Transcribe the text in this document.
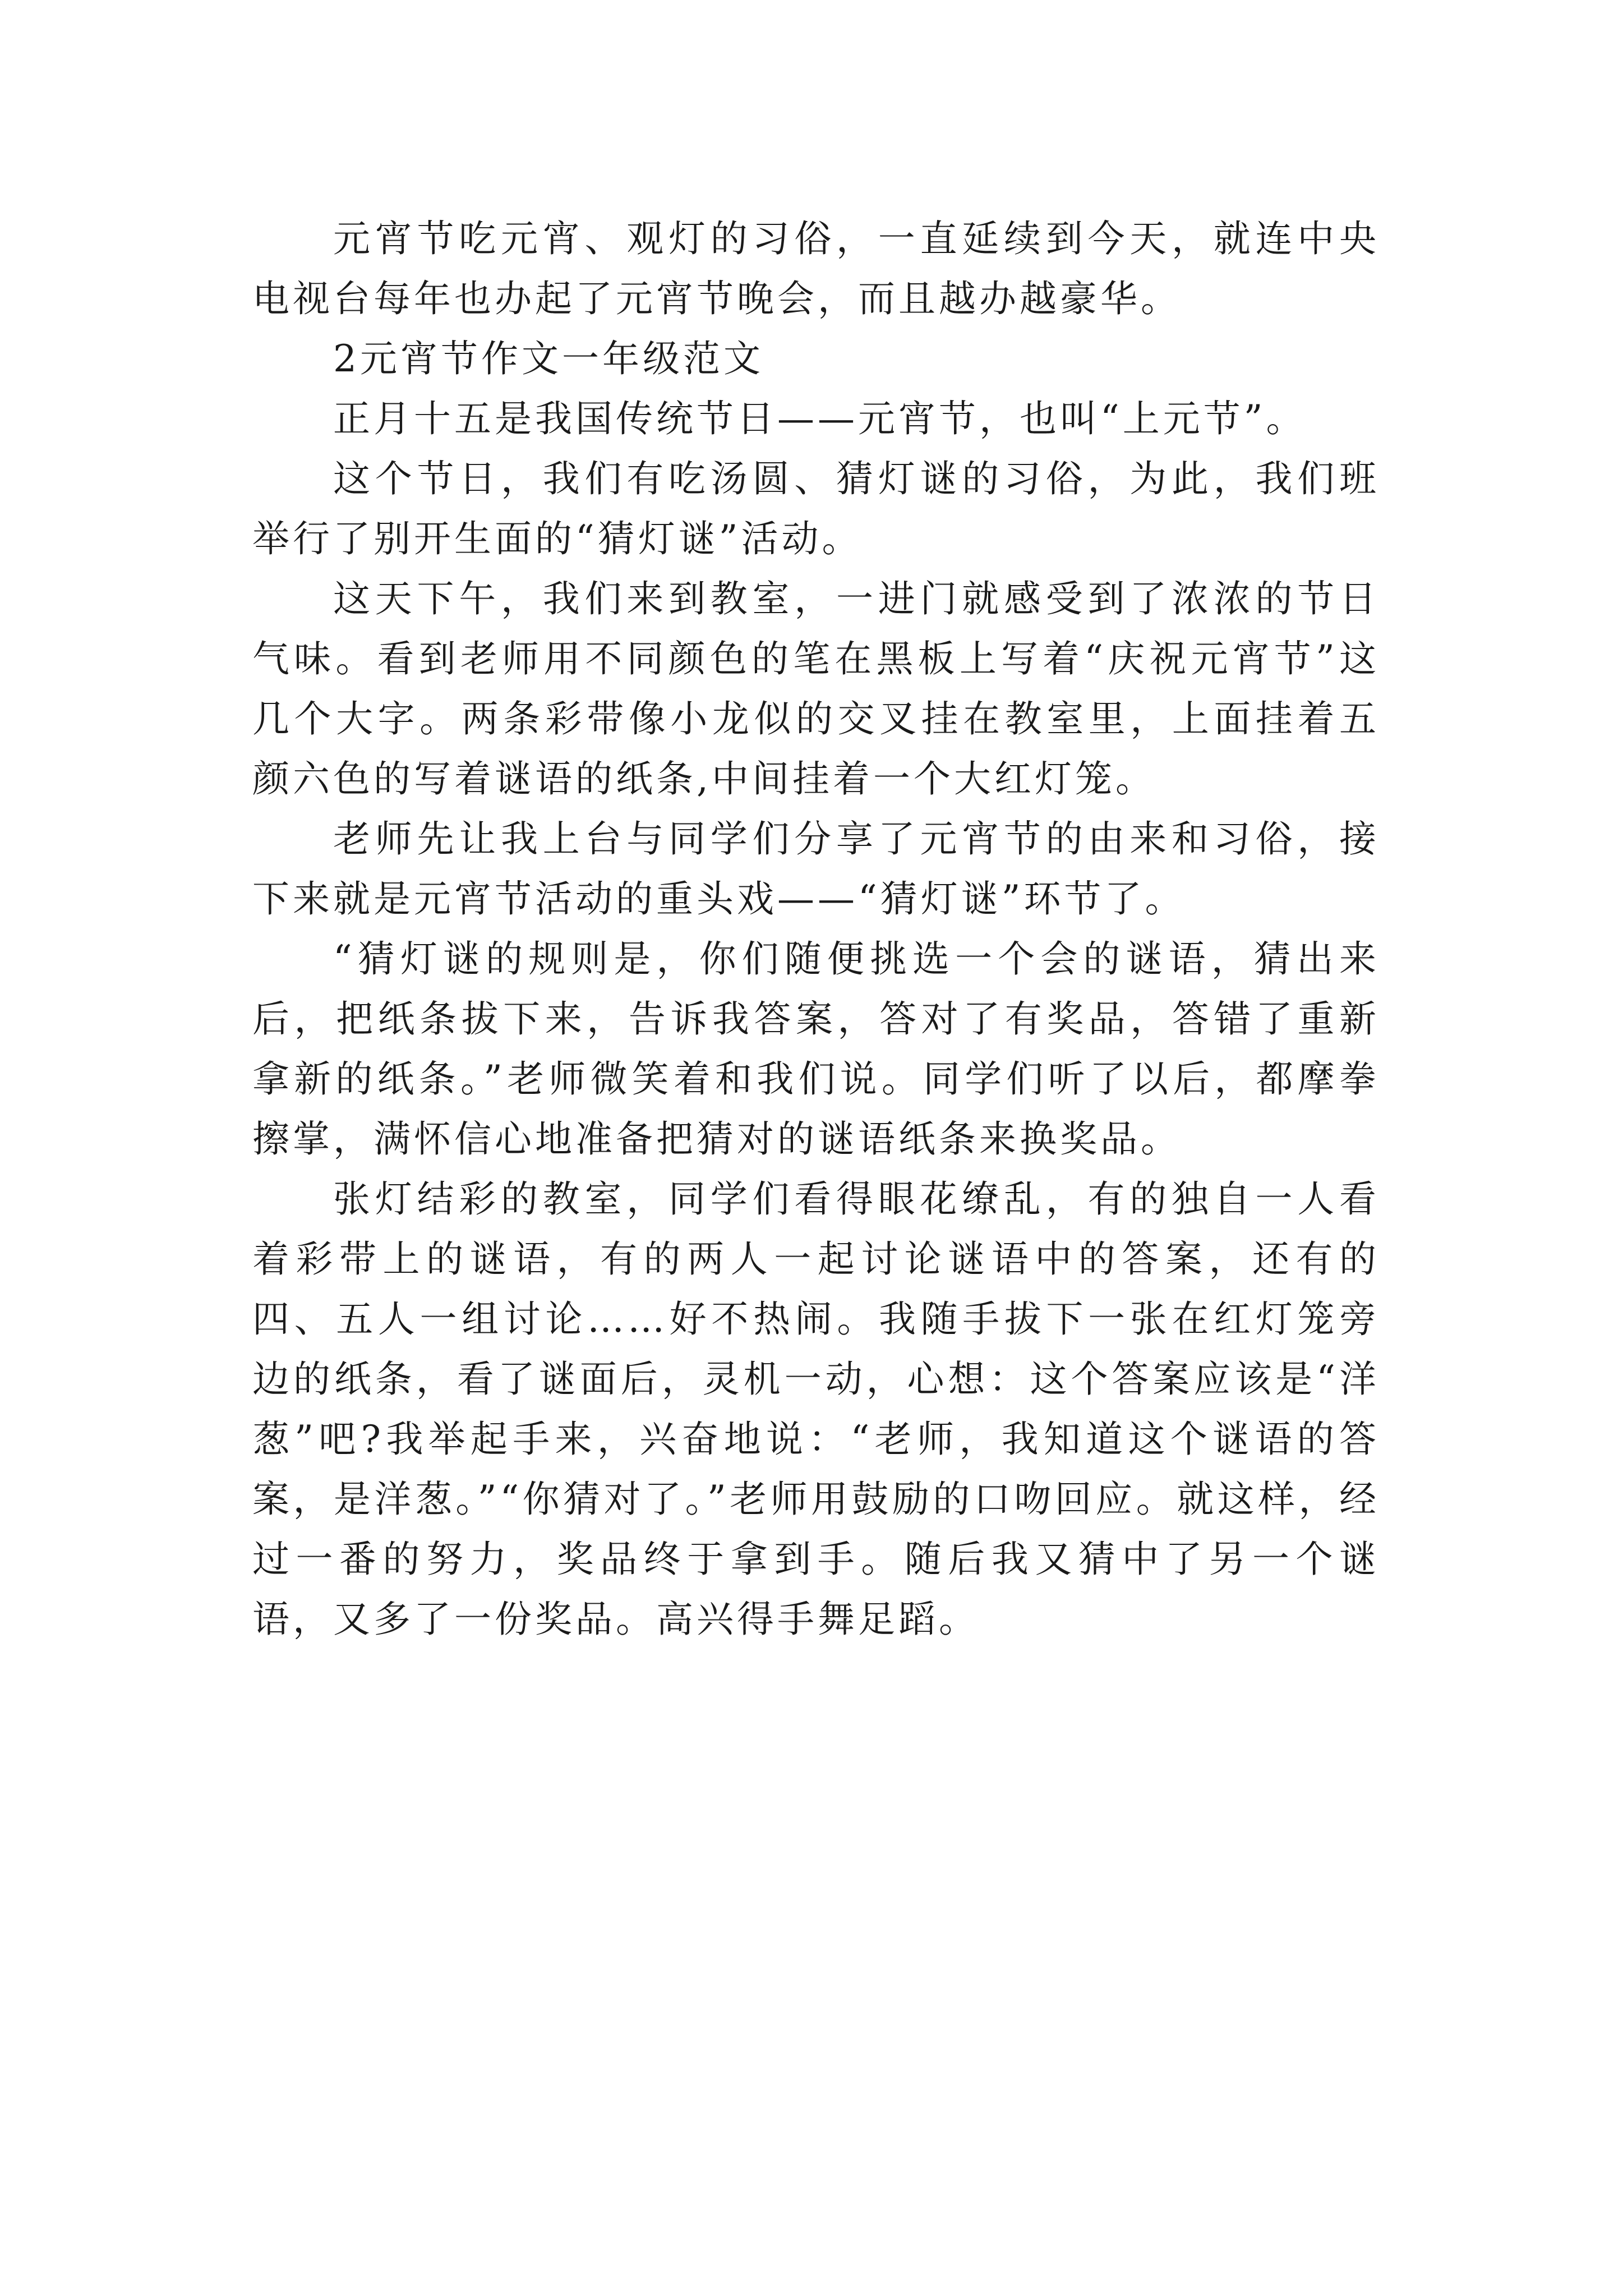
元宵节吃元宵、观灯的习俗，一直延续到今天，就连中央电视台每年也办起了元宵节晚会，而且越办越豪华。

2元宵节作文一年级范文

正月十五是我国传统节日——元宵节，也叫“上元节”。

这个节日，我们有吃汤圆、猜灯谜的习俗，为此，我们班举行了别开生面的“猜灯谜”活动。

这天下午，我们来到教室，一进门就感受到了浓浓的节日气味。看到老师用不同颜色的笔在黑板上写着“庆祝元宵节”这几个大字。两条彩带像小龙似的交叉挂在教室里，上面挂着五颜六色的写着谜语的纸条,中间挂着一个大红灯笼。

老师先让我上台与同学们分享了元宵节的由来和习俗，接下来就是元宵节活动的重头戏——“猜灯谜”环节了。

“猜灯谜的规则是，你们随便挑选一个会的谜语，猜出来后，把纸条拔下来，告诉我答案，答对了有奖品，答错了重新拿新的纸条。”老师微笑着和我们说。同学们听了以后，都摩拳擦掌，满怀信心地准备把猜对的谜语纸条来换奖品。

张灯结彩的教室，同学们看得眼花缭乱，有的独自一人看着彩带上的谜语，有的两人一起讨论谜语中的答案，还有的四、五人一组讨论……好不热闹。我随手拔下一张在红灯笼旁边的纸条，看了谜面后，灵机一动，心想：这个答案应该是“洋葱”吧?我举起手来，兴奋地说：“老师，我知道这个谜语的答案，是洋葱。”“你猜对了。”老师用鼓励的口吻回应。就这样，经过一番的努力，奖品终于拿到手。随后我又猜中了另一个谜语，又多了一份奖品。高兴得手舞足蹈。
